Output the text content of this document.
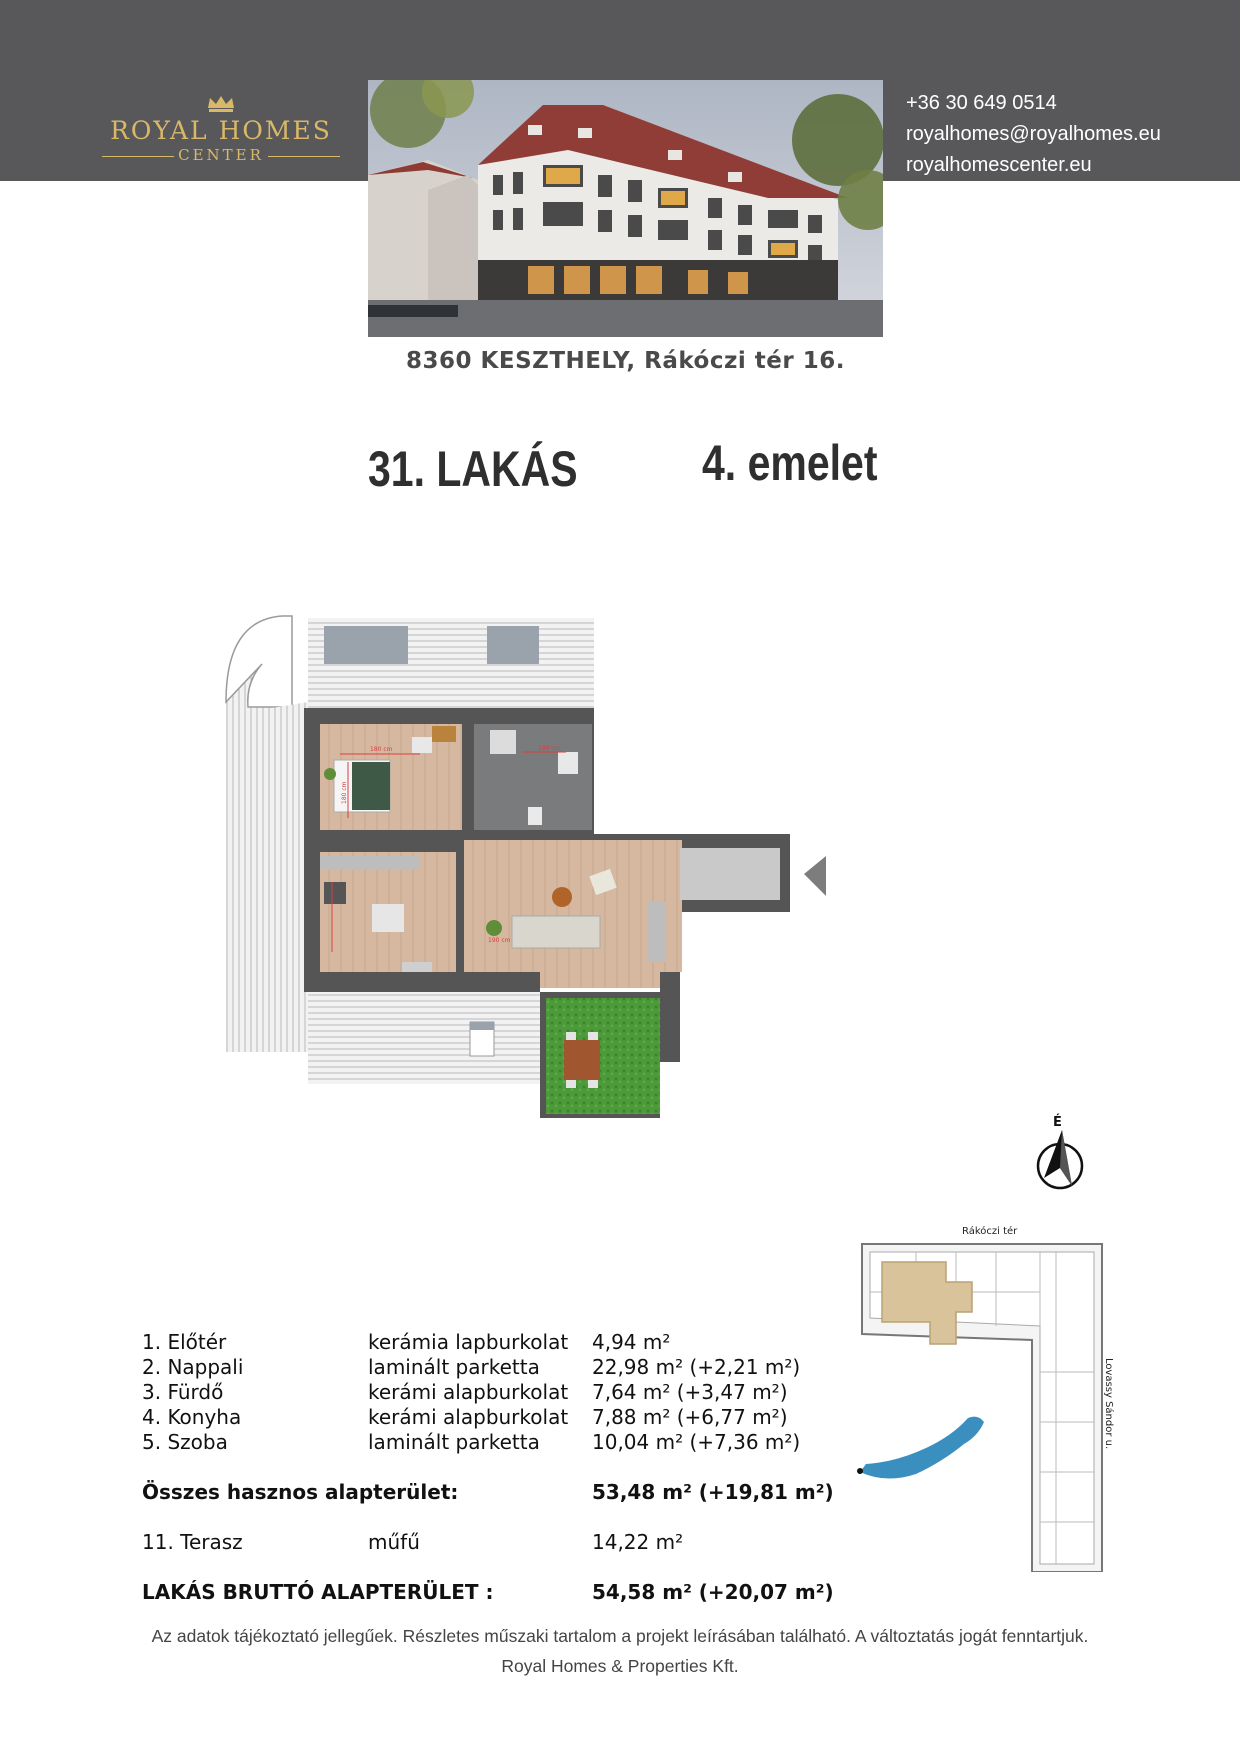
ROYAL HOMES
CENTER
+36 30 649 0514
royalhomes@royalhomes.eu
royalhomescenter.eu
8360 KESZTHELY, Rákóczi tér 16.
31. LAKÁS 4. emelet
180 cm	180 cm
180 cm
190 cm
É
Rákóczi tér
Lovassy Sándor u.
1. Előtér	kerámia lapburkolat 4,94 m²
2. Nappali	laminált parketta	22,98 m² (+2,21 m²)
3. Fürdő	kerámi alapburkolat 7,64 m² (+3,47 m²)
4. Konyha	kerámi alapburkolat 7,88 m² (+6,77 m²)
5. Szoba	laminált parketta	10,04 m² (+7,36 m²)
Összes hasznos alapterület:	53,48 m² (+19,81 m²)
11. Terasz	műfű	14,22 m²
LAKÁS BRUTTÓ ALAPTERÜLET :	54,58 m² (+20,07 m²)
Az adatok tájékoztató jellegűek. Részletes műszaki tartalom a projekt leírásában található. A változtatás jogát fenntartjuk.
Royal Homes & Properties Kft.
